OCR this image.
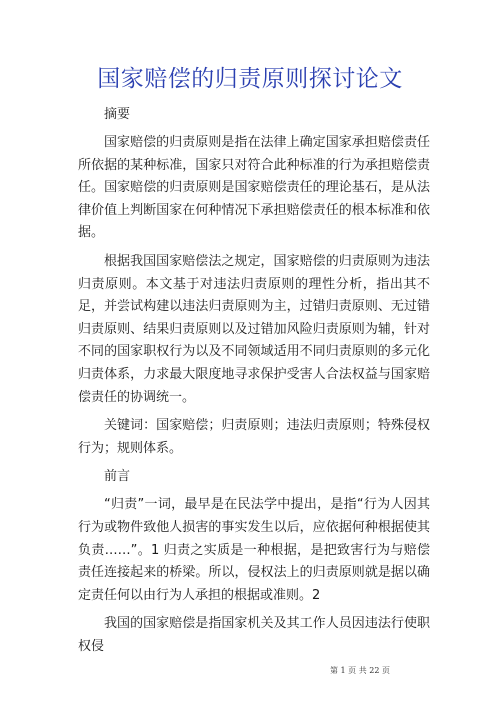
国家赔偿的归责原则探讨论文

摘要

国家赔偿的归责原则是指在法律上确定国家承担赔偿责任所依据的某种标准，国家只对符合此种标准的行为承担赔偿责任。国家赔偿的归责原则是国家赔偿责任的理论基石，是从法律价值上判断国家在何种情况下承担赔偿责任的根本标准和依据。

根据我国国家赔偿法之规定，国家赔偿的归责原则为违法归责原则。本文基于对违法归责原则的理性分析，指出其不足，并尝试构建以违法归责原则为主，过错归责原则、无过错归责原则、结果归责原则以及过错加风险归责原则为辅，针对不同的国家职权行为以及不同领域适用不同归责原则的多元化归责体系，力求最大限度地寻求保护受害人合法权益与国家赔偿责任的协调统一。

关键词：国家赔偿；归责原则；违法归责原则；特殊侵权行为；规则体系。

前言

“归责”一词，最早是在民法学中提出，是指“行为人因其行为或物件致他人损害的事实发生以后，应依据何种根据使其负责……”。1 归责之实质是一种根据，是把致害行为与赔偿责任连接起来的桥梁。所以，侵权法上的归责原则就是据以确定责任何以由行为人承担的根据或准则。2

我国的国家赔偿是指国家机关及其工作人员因违法行使职权侵

第 1 页 共 22 页
